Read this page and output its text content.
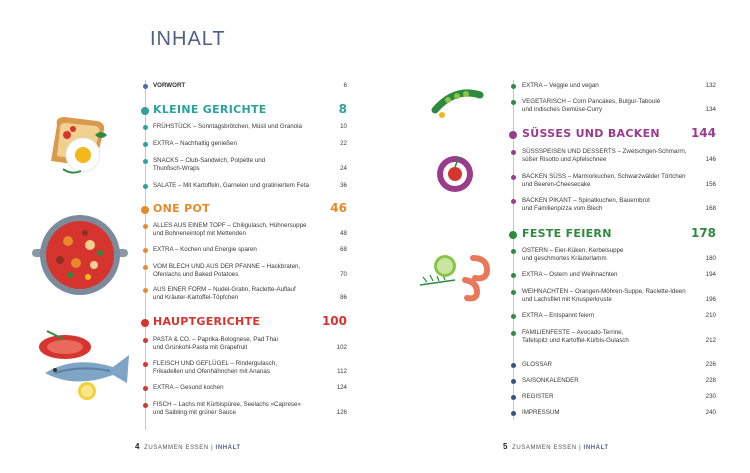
INHALT
VORWORT	6
KLEINE GERICHTE	8
FRÜHSTÜCK – Sonntagsbrötchen, Müsli und Granola	10
EXTRA – Nachhaltig genießen	22
SNACKS – Club-Sandwich, Polpette und
Thunfisch-Wraps	24
SALATE – Mit Kartoffeln, Garnelen und gratiniertem Feta	36
ONE POT	46
ALLES AUS EINEM TOPF – Chiligulasch, Hühnersuppe
und Bohneneintopf mit Mettenden	48
EXTRA – Kochen und Energie sparen	68
VOM BLECH UND AUS DER PFANNE – Hackbraten,
Ofenlachs und Baked Potatoes	70
AUS EINER FORM – Nudel-Gratin, Raclette-Auflauf
und Kräuter-Kartoffel-Töpfchen	86
HAUPTGERICHTE	100
PASTA & CO. – Paprika-Bolognese, Pad Thai
und Grünkohl-Pasta mit Grapefruit	102
FLEISCH UND GEFLÜGEL – Rindergulasch,
Frikadellen und Ofenhähnchen mit Ananas	112
EXTRA – Gesund kochen	124
FISCH – Lachs mit Kürbispüree, Seelachs »Caprese«
und Saibling mit grüner Sauce	126
4 ZUSAMMEN ESSEN | INHALT
EXTRA – Veggie und vegan	132
VEGETARISCH – Corn Pancakes, Bulgur-Taboulé
und indisches Gemüse-Curry	134
SÜSSES UND BACKEN	144
SÜSSSPEISEN UND DESSERTS – Zwetschgen-Schmarrn,
süßer Risotto und Apfelschnee	146
BACKEN SÜSS – Marmorkuchen, Schwarzwälder Törtchen
und Beeren-Cheesecake	156
BACKEN PIKANT – Spinatkuchen, Bauernbrot
und Familienpizza vom Blech	168
FESTE FEIERN	178
OSTERN – Eier-Küken, Kerbelsuppe
und geschmortes Kräuterlamm	180
EXTRA – Ostern und Weihnachten	194
WEIHNACHTEN – Orangen-Möhren-Suppe, Raclette-Ideen
und Lachsfilet mit Knusperkruste	196
EXTRA – Entspannt feiern	210
FAMILIENFESTE – Avocado-Terrine,
Tafelspitz und Kartoffel-Kürbis-Gulasch	212
GLOSSAR	226
SAISONKALENDER	228
REGISTER	230
IMPRESSUM	240
5 ZUSAMMEN ESSEN | INHALT
